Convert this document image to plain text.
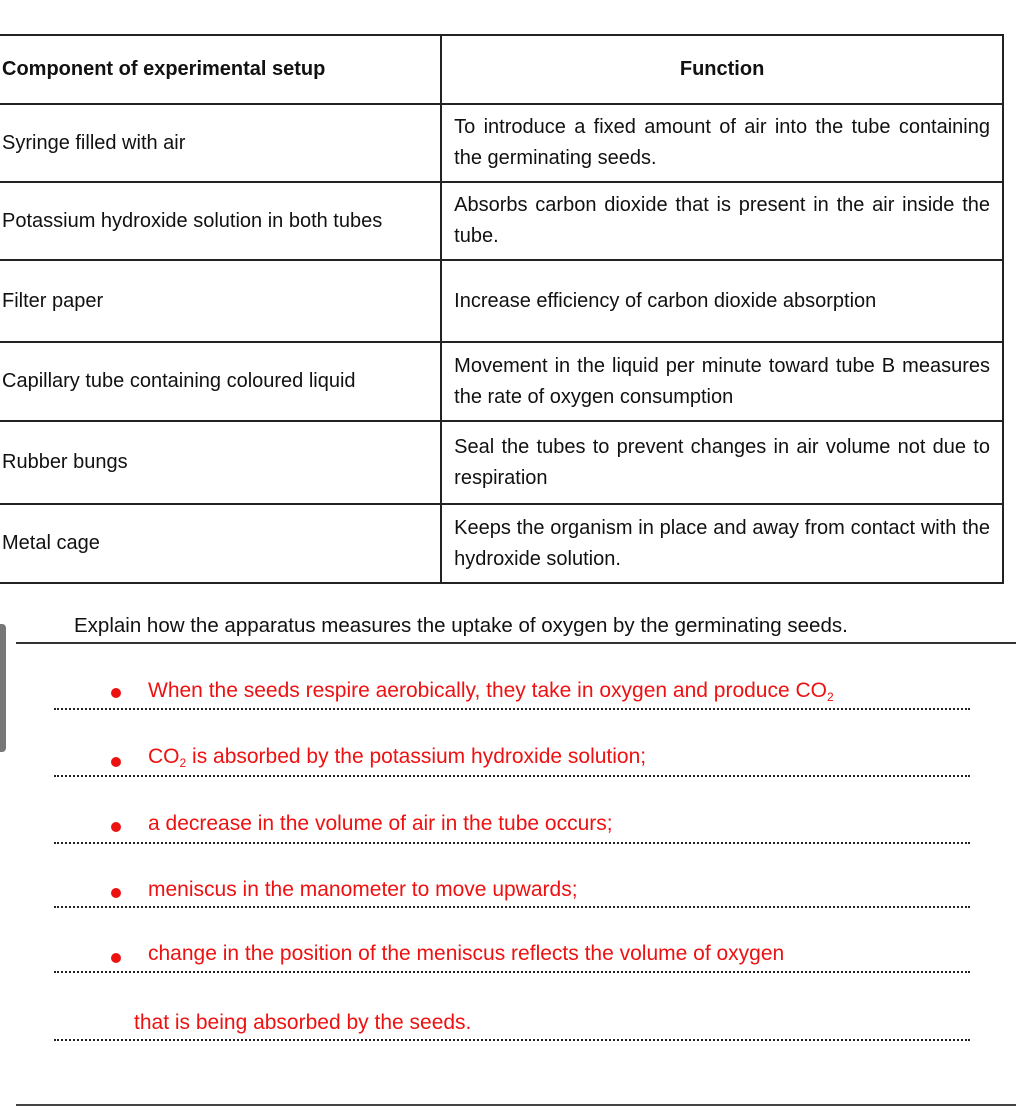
Component of experimental setup	Function
Syringe filled with air	To introduce a fixed amount of air into the tube containing the germinating seeds.
Potassium hydroxide solution in both tubes	Absorbs carbon dioxide that is present in the air inside the tube.
Filter paper	Increase efficiency of carbon dioxide absorption
Capillary tube containing coloured liquid	Movement in the liquid per minute toward tube B measures the rate of oxygen consumption
Rubber bungs	Seal the tubes to prevent changes in air volume not due to respiration
Metal cage	Keeps the organism in place and away from contact with the hydroxide solution.

Explain how the apparatus measures the uptake of oxygen by the germinating seeds.

When the seeds respire aerobically, they take in oxygen and produce $CO_2$
$CO_2$ is absorbed by the potassium hydroxide solution;
a decrease in the volume of air in the tube occurs;
meniscus in the manometer to move upwards;
change in the position of the meniscus reflects the volume of oxygen
that is being absorbed by the seeds.
